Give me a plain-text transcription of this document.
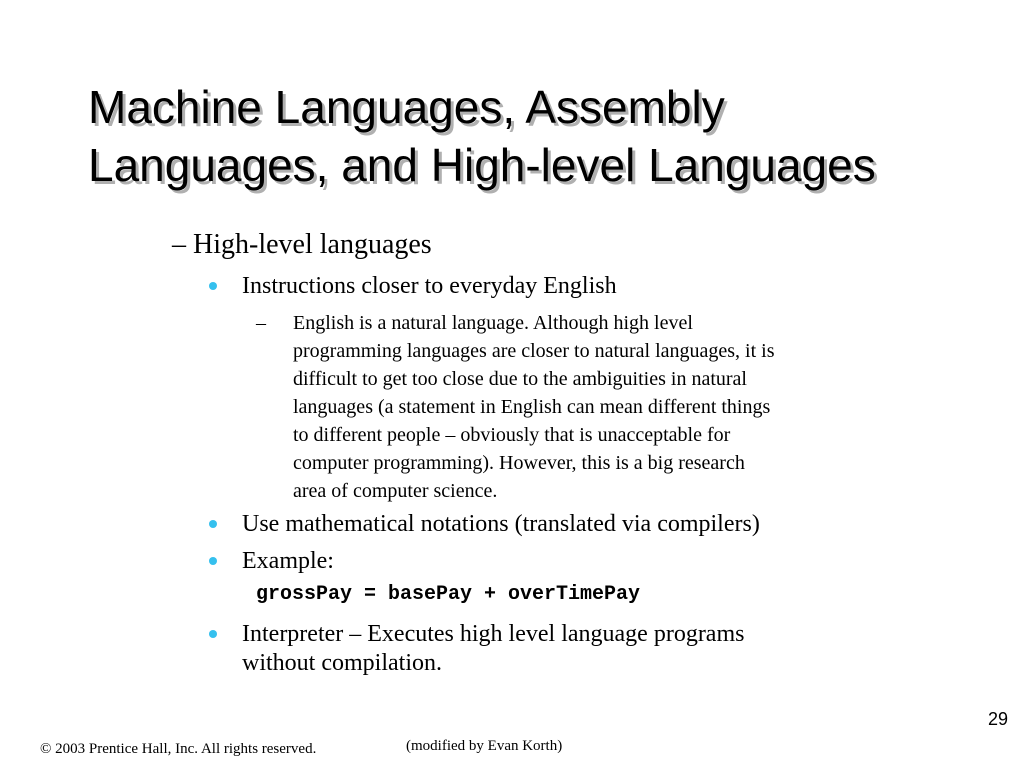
Machine Languages, Assembly
Languages, and High-level Languages
– High-level languages
Instructions closer to everyday English
– English is a natural language. Although high level
programming languages are closer to natural languages, it is
difficult to get too close due to the ambiguities in natural
languages (a statement in English can mean different things
to different people – obviously that is unacceptable for
computer programming). However, this is a big research
area of computer science.
Use mathematical notations (translated via compilers)
Example:
grossPay = basePay + overTimePay
Interpreter – Executes high level language programs
without compilation.
29
© 2003 Prentice Hall, Inc. All rights reserved.	(modified by Evan Korth)
